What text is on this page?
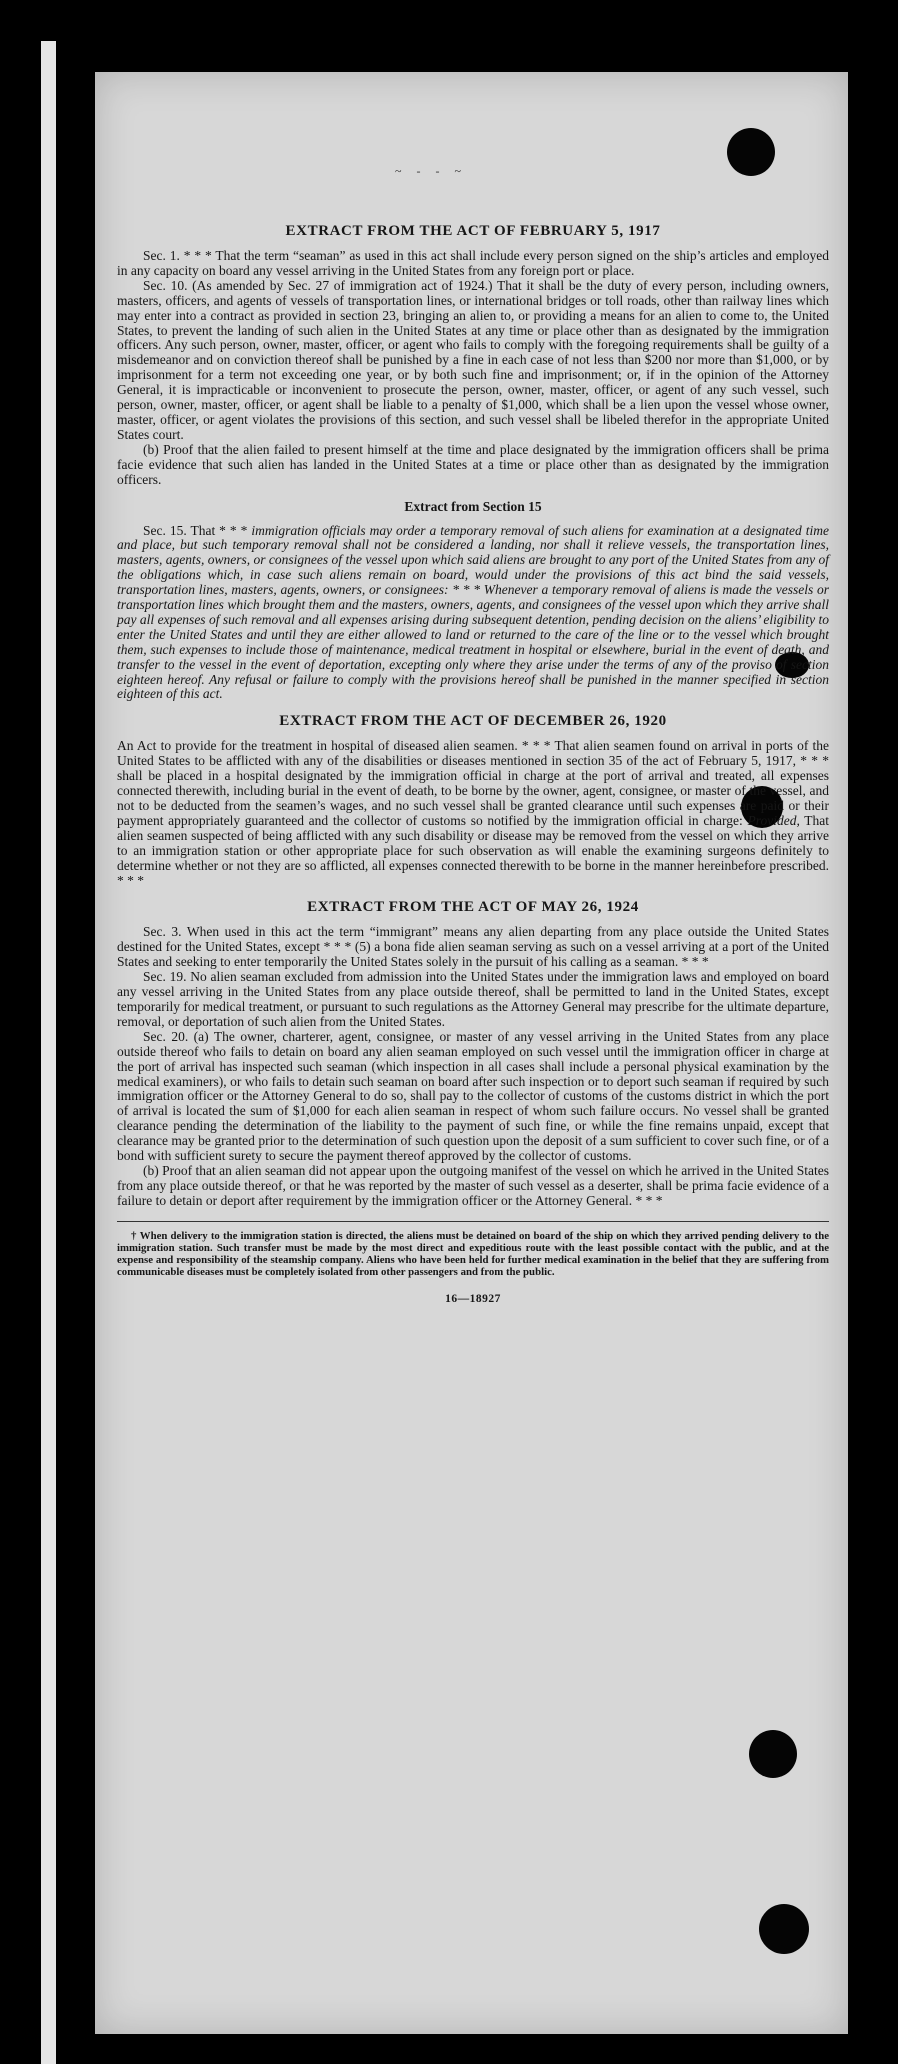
~ ‑ ‑ ~
EXTRACT FROM THE ACT OF FEBRUARY 5, 1917

Sec. 1. * * * That the term “seaman” as used in this act shall include every person signed on the ship’s articles and employed in any capacity on board any vessel arriving in the United States from any foreign port or place.

Sec. 10. (As amended by Sec. 27 of immigration act of 1924.) That it shall be the duty of every person, including owners, masters, officers, and agents of vessels of transportation lines, or international bridges or toll roads, other than railway lines which may enter into a contract as provided in section 23, bringing an alien to, or providing a means for an alien to come to, the United States, to prevent the landing of such alien in the United States at any time or place other than as designated by the immigration officers. Any such person, owner, master, officer, or agent who fails to comply with the foregoing requirements shall be guilty of a misdemeanor and on conviction thereof shall be punished by a fine in each case of not less than $200 nor more than $1,000, or by imprisonment for a term not exceeding one year, or by both such fine and imprisonment; or, if in the opinion of the Attorney General, it is impracticable or inconvenient to prosecute the person, owner, master, officer, or agent of any such vessel, such person, owner, master, officer, or agent shall be liable to a penalty of $1,000, which shall be a lien upon the vessel whose owner, master, officer, or agent violates the provisions of this section, and such vessel shall be libeled therefor in the appropriate United States court.

(b) Proof that the alien failed to present himself at the time and place designated by the immigration officers shall be prima facie evidence that such alien has landed in the United States at a time or place other than as designated by the immigration officers.

Extract from Section 15

Sec. 15. That * * * immigration officials may order a temporary removal of such aliens for examination at a designated time and place, but such temporary removal shall not be considered a landing, nor shall it relieve vessels, the transportation lines, masters, agents, owners, or consignees of the vessel upon which said aliens are brought to any port of the United States from any of the obligations which, in case such aliens remain on board, would under the provisions of this act bind the said vessels, transportation lines, masters, agents, owners, or consignees: * * * Whenever a temporary removal of aliens is made the vessels or transportation lines which brought them and the masters, owners, agents, and consignees of the vessel upon which they arrive shall pay all expenses of such removal and all expenses arising during subsequent detention, pending decision on the aliens’ eligibility to enter the United States and until they are either allowed to land or returned to the care of the line or to the vessel which brought them, such expenses to include those of maintenance, medical treatment in hospital or elsewhere, burial in the event of death, and transfer to the vessel in the event of deportation, excepting only where they arise under the terms of any of the proviso of section eighteen hereof. Any refusal or failure to comply with the provisions hereof shall be punished in the manner specified in section eighteen of this act.

EXTRACT FROM THE ACT OF DECEMBER 26, 1920

An Act to provide for the treatment in hospital of diseased alien seamen. * * * That alien seamen found on arrival in ports of the United States to be afflicted with any of the disabilities or diseases mentioned in section 35 of the act of February 5, 1917, * * * shall be placed in a hospital designated by the immigration official in charge at the port of arrival and treated, all expenses connected therewith, including burial in the event of death, to be borne by the owner, agent, consignee, or master of the vessel, and not to be deducted from the seamen’s wages, and no such vessel shall be granted clearance until such expenses are paid or their payment appropriately guaranteed and the collector of customs so notified by the immigration official in charge: Provided, That alien seamen suspected of being afflicted with any such disability or disease may be removed from the vessel on which they arrive to an immigration station or other appropriate place for such observation as will enable the examining surgeons definitely to determine whether or not they are so afflicted, all expenses connected therewith to be borne in the manner hereinbefore prescribed. * * *

EXTRACT FROM THE ACT OF MAY 26, 1924

Sec. 3. When used in this act the term “immigrant” means any alien departing from any place outside the United States destined for the United States, except * * * (5) a bona fide alien seaman serving as such on a vessel arriving at a port of the United States and seeking to enter temporarily the United States solely in the pursuit of his calling as a seaman. * * *

Sec. 19. No alien seaman excluded from admission into the United States under the immigration laws and employed on board any vessel arriving in the United States from any place outside thereof, shall be permitted to land in the United States, except temporarily for medical treatment, or pursuant to such regulations as the Attorney General may prescribe for the ultimate departure, removal, or deportation of such alien from the United States.

Sec. 20. (a) The owner, charterer, agent, consignee, or master of any vessel arriving in the United States from any place outside thereof who fails to detain on board any alien seaman employed on such vessel until the immigration officer in charge at the port of arrival has inspected such seaman (which inspection in all cases shall include a personal physical examination by the medical examiners), or who fails to detain such seaman on board after such inspection or to deport such seaman if required by such immigration officer or the Attorney General to do so, shall pay to the collector of customs of the customs district in which the port of arrival is located the sum of $1,000 for each alien seaman in respect of whom such failure occurs. No vessel shall be granted clearance pending the determination of the liability to the payment of such fine, or while the fine remains unpaid, except that clearance may be granted prior to the determination of such question upon the deposit of a sum sufficient to cover such fine, or of a bond with sufficient surety to secure the payment thereof approved by the collector of customs.

(b) Proof that an alien seaman did not appear upon the outgoing manifest of the vessel on which he arrived in the United States from any place outside thereof, or that he was reported by the master of such vessel as a deserter, shall be prima facie evidence of a failure to detain or deport after requirement by the immigration officer or the Attorney General. * * *

† When delivery to the immigration station is directed, the aliens must be detained on board of the ship on which they arrived pending delivery to the immigration station. Such transfer must be made by the most direct and expeditious route with the least possible contact with the public, and at the expense and responsibility of the steamship company. Aliens who have been held for further medical examination in the belief that they are suffering from communicable diseases must be completely isolated from other passengers and from the public.

16—18927
